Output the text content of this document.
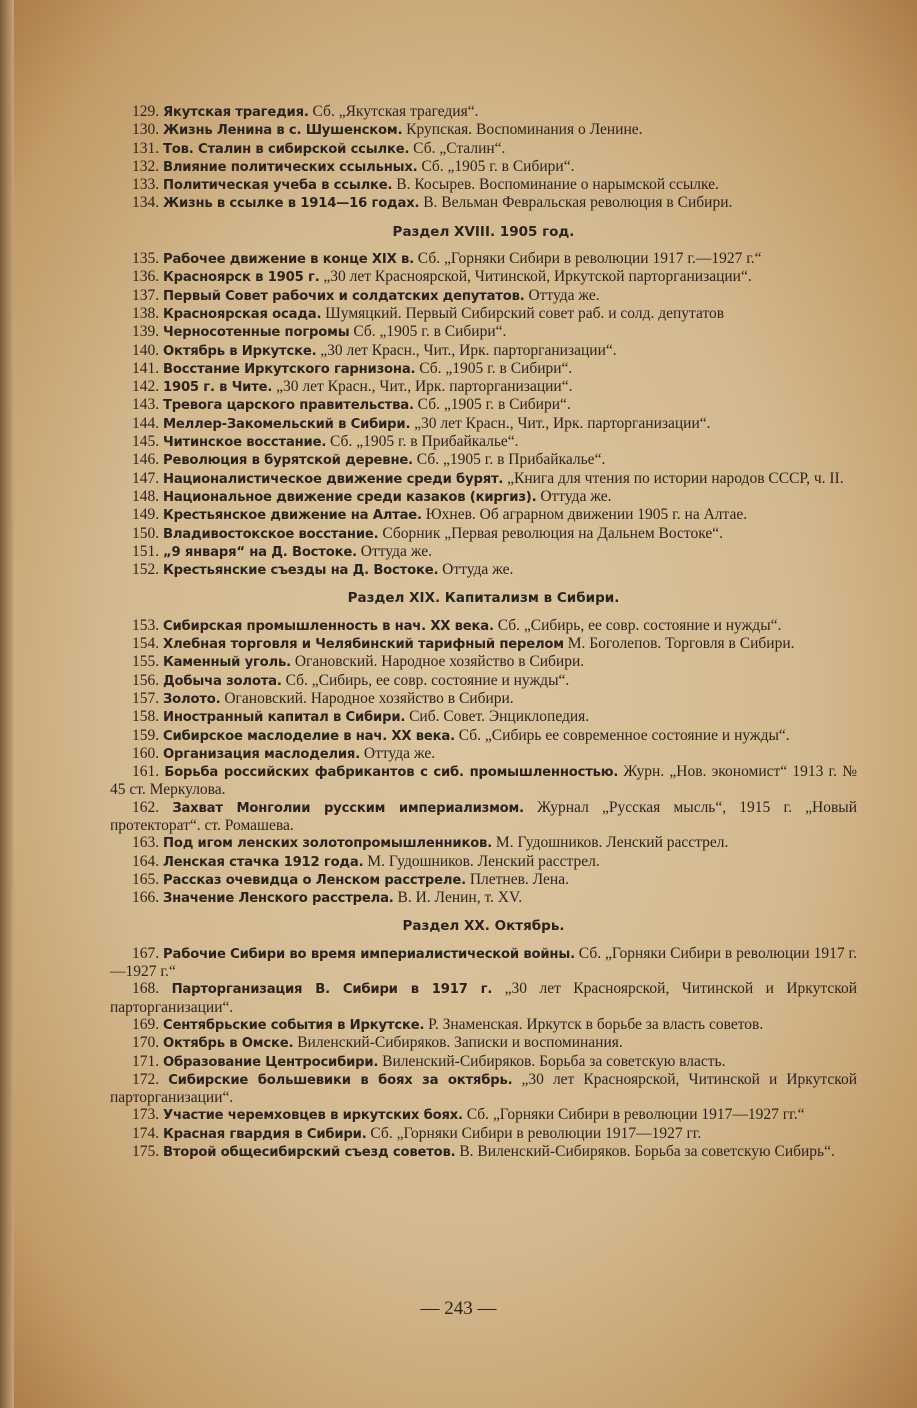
129. Якутская трагедия. Сб. „Якутская трагедия“.
130. Жизнь Ленина в с. Шушенском. Крупская. Воспоминания о Ленине.
131. Тов. Сталин в сибирской ссылке. Сб. „Сталин“.
132. Влияние политических ссыльных. Сб. „1905 г. в Сибири“.
133. Политическая учеба в ссылке. В. Косырев. Воспоминание о нарымской ссылке.
134. Жизнь в ссылке в 1914—16 годах. В. Вельман Февральская революция в Сибири.
Раздел XVIII. 1905 год.
135. Рабочее движение в конце XIX в. Сб. „Горняки Сибири в революции 1917 г.—1927 г.“
136. Красноярск в 1905 г. „30 лет Красноярской, Читинской, Иркутской парторганизации“.
137. Первый Совет рабочих и солдатских депутатов. Оттуда же.
138. Красноярская осада. Шумяцкий. Первый Сибирский совет раб. и солд. депутатов
139. Черносотенные погромы Сб. „1905 г. в Сибири“.
140. Октябрь в Иркутске. „30 лет Красн., Чит., Ирк. парторганизации“.
141. Восстание Иркутского гарнизона. Сб. „1905 г. в Сибири“.
142. 1905 г. в Чите. „30 лет Красн., Чит., Ирк. парторганизации“.
143. Тревога царского правительства. Сб. „1905 г. в Сибири“.
144. Меллер-Закомельский в Сибири. „30 лет Красн., Чит., Ирк. парторганизации“.
145. Читинское восстание. Сб. „1905 г. в Прибайкалье“.
146. Революция в бурятской деревне. Сб. „1905 г. в Прибайкалье“.
147. Националистическое движение среди бурят. „Книга для чтения по истории народов СССР, ч. II.
148. Национальное движение среди казаков (киргиз). Оттуда же.
149. Крестьянское движение на Алтае. Юхнев. Об аграрном движении 1905 г. на Алтае.
150. Владивостокское восстание. Сборник „Первая революция на Дальнем Востоке“.
151. „9 января“ на Д. Востоке. Оттуда же.
152. Крестьянские съезды на Д. Востоке. Оттуда же.
Раздел XIX. Капитализм в Сибири.
153. Сибирская промышленность в нач. XX века. Сб. „Сибирь, ее совр. состояние и нужды“.
154. Хлебная торговля и Челябинский тарифный перелом М. Боголепов. Торговля в Сибири.
155. Каменный уголь. Огановский. Народное хозяйство в Сибири.
156. Добыча золота. Сб. „Сибирь, ее совр. состояние и нужды“.
157. Золото. Огановский. Народное хозяйство в Сибири.
158. Иностранный капитал в Сибири. Сиб. Совет. Энциклопедия.
159. Сибирское маслоделие в нач. XX века. Сб. „Сибирь ее современное состояние и нужды“.
160. Организация маслоделия. Оттуда же.
161. Борьба российских фабрикантов с сиб. промышленностью. Журн. „Нов. экономист“ 1913 г. № 45 ст. Меркулова.
162. Захват Монголии русским империализмом. Журнал „Русская мысль“, 1915 г. „Новый протекторат“. ст. Ромашева.
163. Под игом ленских золотопромышленников. М. Гудошников. Ленский расстрел.
164. Ленская стачка 1912 года. М. Гудошников. Ленский расстрел.
165. Рассказ очевидца о Ленском расстреле. Плетнев. Лена.
166. Значение Ленского расстрела. В. И. Ленин, т. XV.
Раздел XX. Октябрь.
167. Рабочие Сибири во время империалистической войны. Сб. „Горняки Сибири в революции 1917 г.—1927 г.“
168. Парторганизация В. Сибири в 1917 г. „30 лет Красноярской, Читинской и Иркутской парторганизации“.
169. Сентябрьские события в Иркутске. Р. Знаменская. Иркутск в борьбе за власть советов.
170. Октябрь в Омске. Виленский-Сибиряков. Записки и воспоминания.
171. Образование Центросибири. Виленский-Сибиряков. Борьба за советскую власть.
172. Сибирские большевики в боях за октябрь. „30 лет Красноярской, Читинской и Иркутской парторганизации“.
173. Участие черемховцев в иркутских боях. Сб. „Горняки Сибири в революции 1917—1927 гг.“
174. Красная гвардия в Сибири. Сб. „Горняки Сибири в революции 1917—1927 гг.
175. Второй общесибирский съезд советов. В. Виленский-Сибиряков. Борьба за советскую Сибирь“.
— 243 —
